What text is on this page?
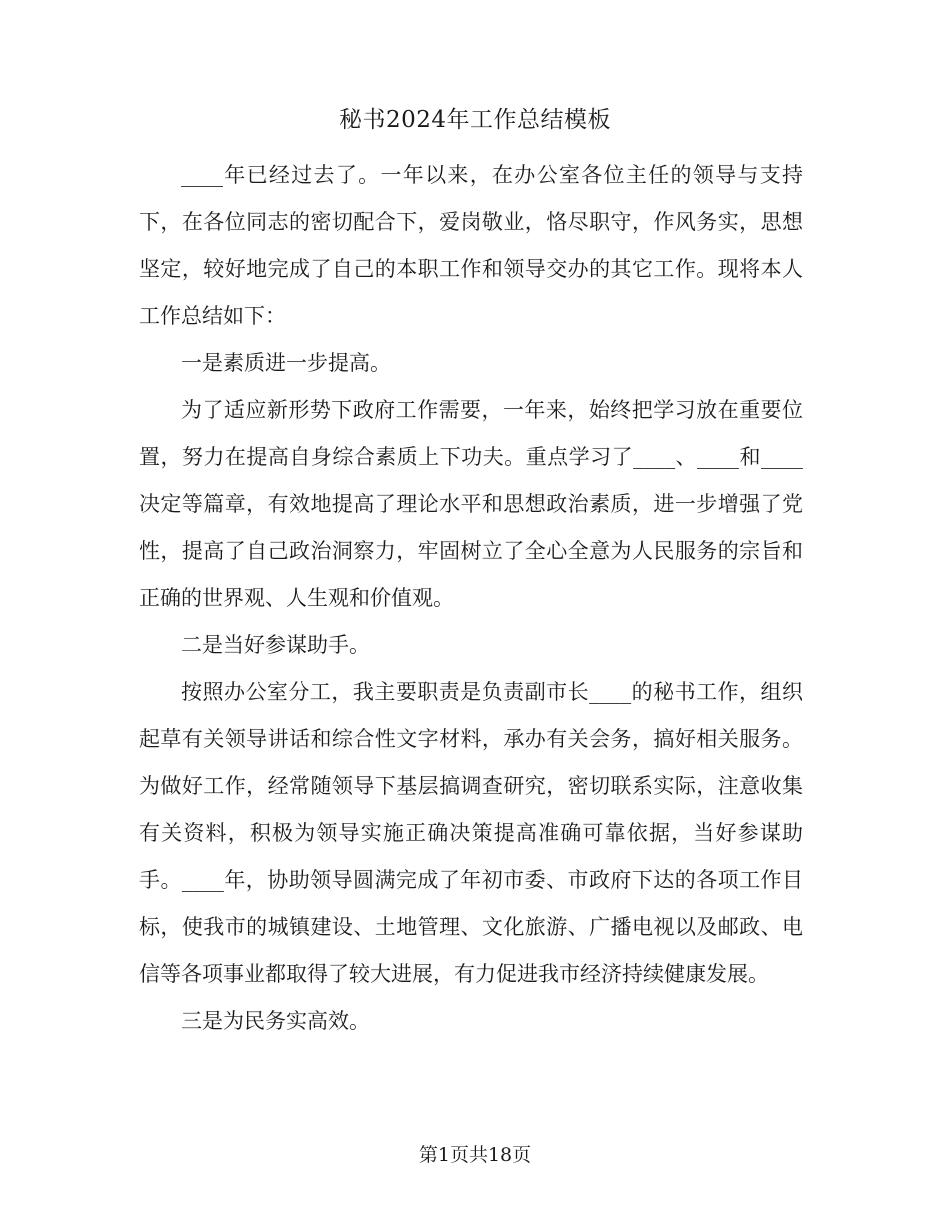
秘书2024年工作总结模板

____年已经过去了。一年以来，在办公室各位主任的领导与支持下，在各位同志的密切配合下，爱岗敬业，恪尽职守，作风务实，思想坚定，较好地完成了自己的本职工作和领导交办的其它工作。现将本人工作总结如下：

一是素质进一步提高。

为了适应新形势下政府工作需要，一年来，始终把学习放在重要位置，努力在提高自身综合素质上下功夫。重点学习了____、____和____决定等篇章，有效地提高了理论水平和思想政治素质，进一步增强了党性，提高了自己政治洞察力，牢固树立了全心全意为人民服务的宗旨和正确的世界观、人生观和价值观。

二是当好参谋助手。

按照办公室分工，我主要职责是负责副市长____的秘书工作，组织起草有关领导讲话和综合性文字材料，承办有关会务，搞好相关服务。为做好工作，经常随领导下基层搞调查研究，密切联系实际，注意收集有关资料，积极为领导实施正确决策提高准确可靠依据，当好参谋助手。____年，协助领导圆满完成了年初市委、市政府下达的各项工作目标，使我市的城镇建设、土地管理、文化旅游、广播电视以及邮政、电信等各项事业都取得了较大进展，有力促进我市经济持续健康发展。

三是为民务实高效。

第1页共18页
